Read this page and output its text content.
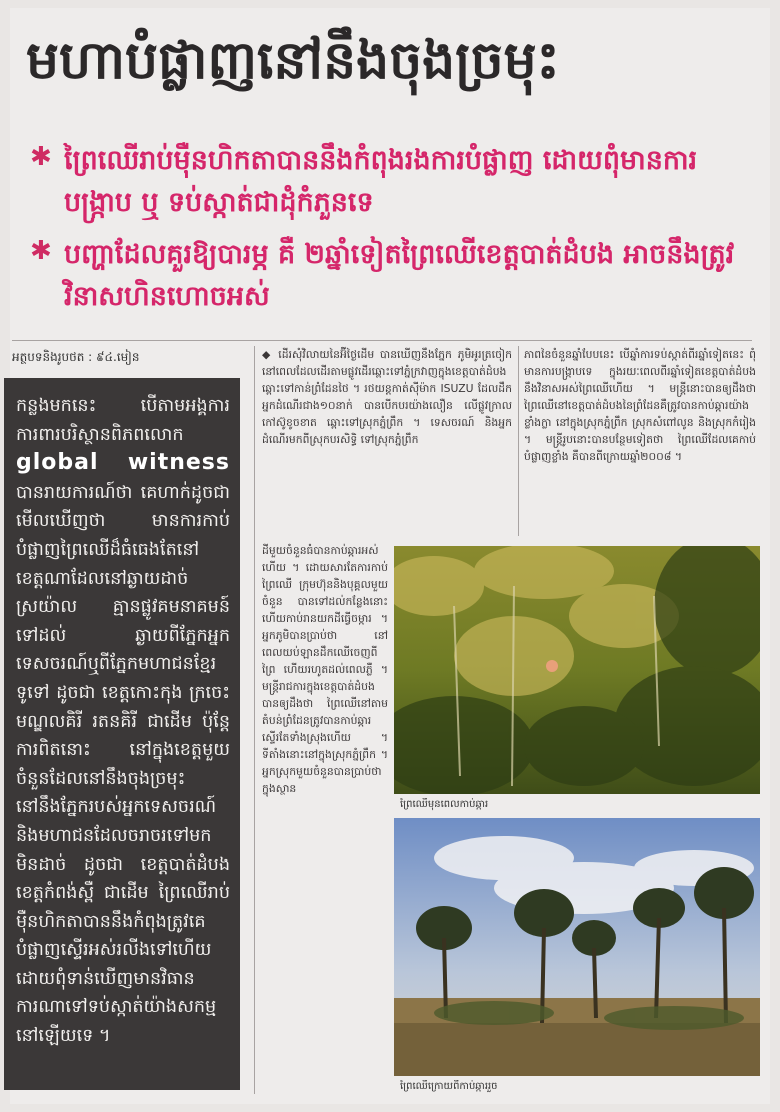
មហាបំផ្លាញនៅនឹងចុងច្រមុះ
✱ ព្រៃឈើរាប់ម៉ឺនហិកតាបាននឹងកំពុងរងការបំផ្លាញ ដោយពុំមានការបង្រ្កាប ឬ ទប់ស្កាត់ជាដុំកំភួនទេ
✱ បញ្ហាដែលគួរឱ្យបារម្ភ គឺ ២ឆ្នាំទៀតព្រៃឈើខេត្តបាត់ដំបង អាចនឹងត្រូវវិនាសហិនហោចអស់
អត្ថបទនិងរូបថត : ៩៤.មៀន
កន្លងមកនេះ បើតាមអង្គការការពារបរិស្ថានពិភពលោក global witness បានរាយការណ៍ថា គេហាក់ដូចជាមើលឃើញថា មានការកាប់បំផ្លាញព្រៃឈើដ៏ធំធេងតែនៅខេត្តណាដែលនៅឆ្ងាយដាច់ស្រយ៉ាល គ្មានផ្លូវគមនាគមន៍ទៅដល់ ឆ្ងាយពីភ្នែកអ្នកទេសចរណ៍ឬពីភ្នែកមហាជនខ្មែរទូទៅ ដូចជា ខេត្តកោះកុង ក្រចេះ មណ្ឌលគិរី រតនគិរី ជាដើម ប៉ុន្តែការពិតនោះ នៅក្នុងខេត្តមួយចំនួនដែលនៅនឹងចុងច្រមុះ នៅនឹងភ្នែករបស់អ្នកទេសចរណ៍ និងមហាជនដែលចរាចរទៅមកមិនដាច់ ដូចជា ខេត្តបាត់ដំបង ខេត្តកំពង់ស្ពឺ ជាដើម ព្រៃឈើរាប់ម៉ឺនហិកតាបាននឹងកំពុងត្រូវគេបំផ្លាញស្ទើរអស់រលីងទៅហើយ ដោយពុំទាន់ឃើញមានវិធានការណាទៅទប់ស្កាត់យ៉ាងសកម្មនៅឡើយទេ ។
◆ ដើរសុំវិលាយនៃអ៊ីថ្ងៃដើម បានឃើញនឹងភ្នែក ភូមិអូរត្រចៀក នៅពេលដែលដើរតាមផ្លូវដើរឆ្ពោះទៅភ្នំក្រវាញក្នុងខេត្តបាត់ដំបងឆ្ពោះទៅកាន់ព្រំដែនថៃ ។ រថយន្តកាត់ស៊ីម៉ាក ISUZU ដែលដឹកអ្នកដំណើរជាង១០នាក់ បានបើកបរយ៉ាងលឿន លើផ្លូវក្រាលកៅស៊ូខូចខាត ឆ្ពោះទៅស្រុកភ្នំព្រឹក ។ ទេសចរណ៍ និងអ្នកដំណើរមកពីស្រុកបរសិទ្ធិ ទៅស្រុកភ្នំព្រឹក
ភាពនៃចំនួនឆ្នាំបែបនេះ បើឆ្នាំការទប់ស្កាត់ពីរឆ្នាំទៀតនេះ ពុំមានការបង្ក្រាបទេ ក្នុងរយៈពេលពីរឆ្នាំទៀតខេត្តបាត់ដំបងនឹងវិនាសអស់ព្រៃឈើហើយ ។ មន្ត្រីនោះបានឲ្យដឹងថា ព្រៃឈើនៅខេត្តបាត់ដំបងនៃព្រំដែនគឺត្រូវបានកាប់ឆ្ការយ៉ាងខ្លាំងក្លា នៅក្នុងស្រុកភ្នំព្រឹក ស្រុកសំពៅលូន និងស្រុកកំរៀង ។ មន្ត្រីរូបនោះបានបន្ថែមទៀតថា ព្រៃឈើដែលគេកាប់បំផ្លាញខ្លាំង គឺបានពីក្រោយឆ្នាំ២០០៨ ។
ដីមួយចំនួនធំបានកាប់ឆ្ការអស់ហើយ ។ ដោយសារតែការកាប់ព្រៃឈើ ក្រុមហ៊ុននិងបុគ្គលមួយចំនួន បានទៅដល់កន្លែងនោះ ហើយកាប់រានយកដីធ្វើចម្ការ ។ អ្នកភូមិបានប្រាប់ថា នៅពេលយប់ឡានដឹកឈើចេញពីព្រៃ ហើយរហូតដល់ពេលភ្លឺ ។ មន្ត្រីរាជការក្នុងខេត្តបាត់ដំបងបានឲ្យដឹងថា ព្រៃឈើនៅតាមតំបន់ព្រំដែនត្រូវបានកាប់ឆ្ការស្ទើរតែទាំងស្រុងហើយ ។ ទីតាំងនោះនៅក្នុងស្រុកភ្នំព្រឹក ។ អ្នកស្រុកមួយចំនួនបានប្រាប់ថា ក្នុងស្ថាន
ព្រៃឈើមុនពេលកាប់ឆ្ការ
ព្រៃឈើក្រោយពីកាប់ឆ្ការរួច
